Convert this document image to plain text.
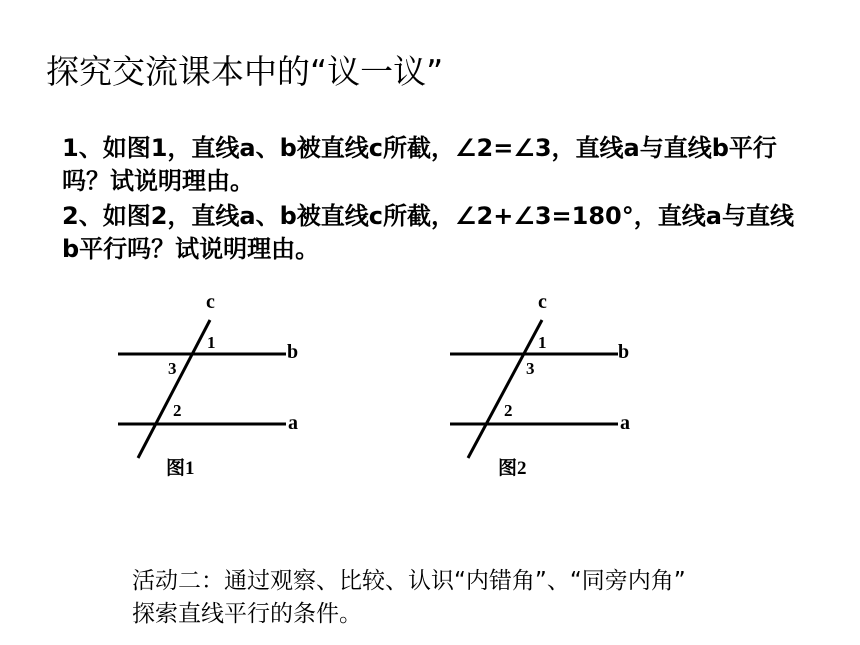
探究交流课本中的“议一议”
1、如图1，直线a、b被直线c所截，∠2=∠3，直线a与直线b平行吗？试说明理由。
2、如图2，直线a、b被直线c所截，∠2+∠3=180°，直线a与直线b平行吗？试说明理由。
c
b
a
1
3
2
图1
c
b
a
1
3
2
图2
活动二：通过观察、比较、认识“内错角”、“同旁内角”
探索直线平行的条件。
